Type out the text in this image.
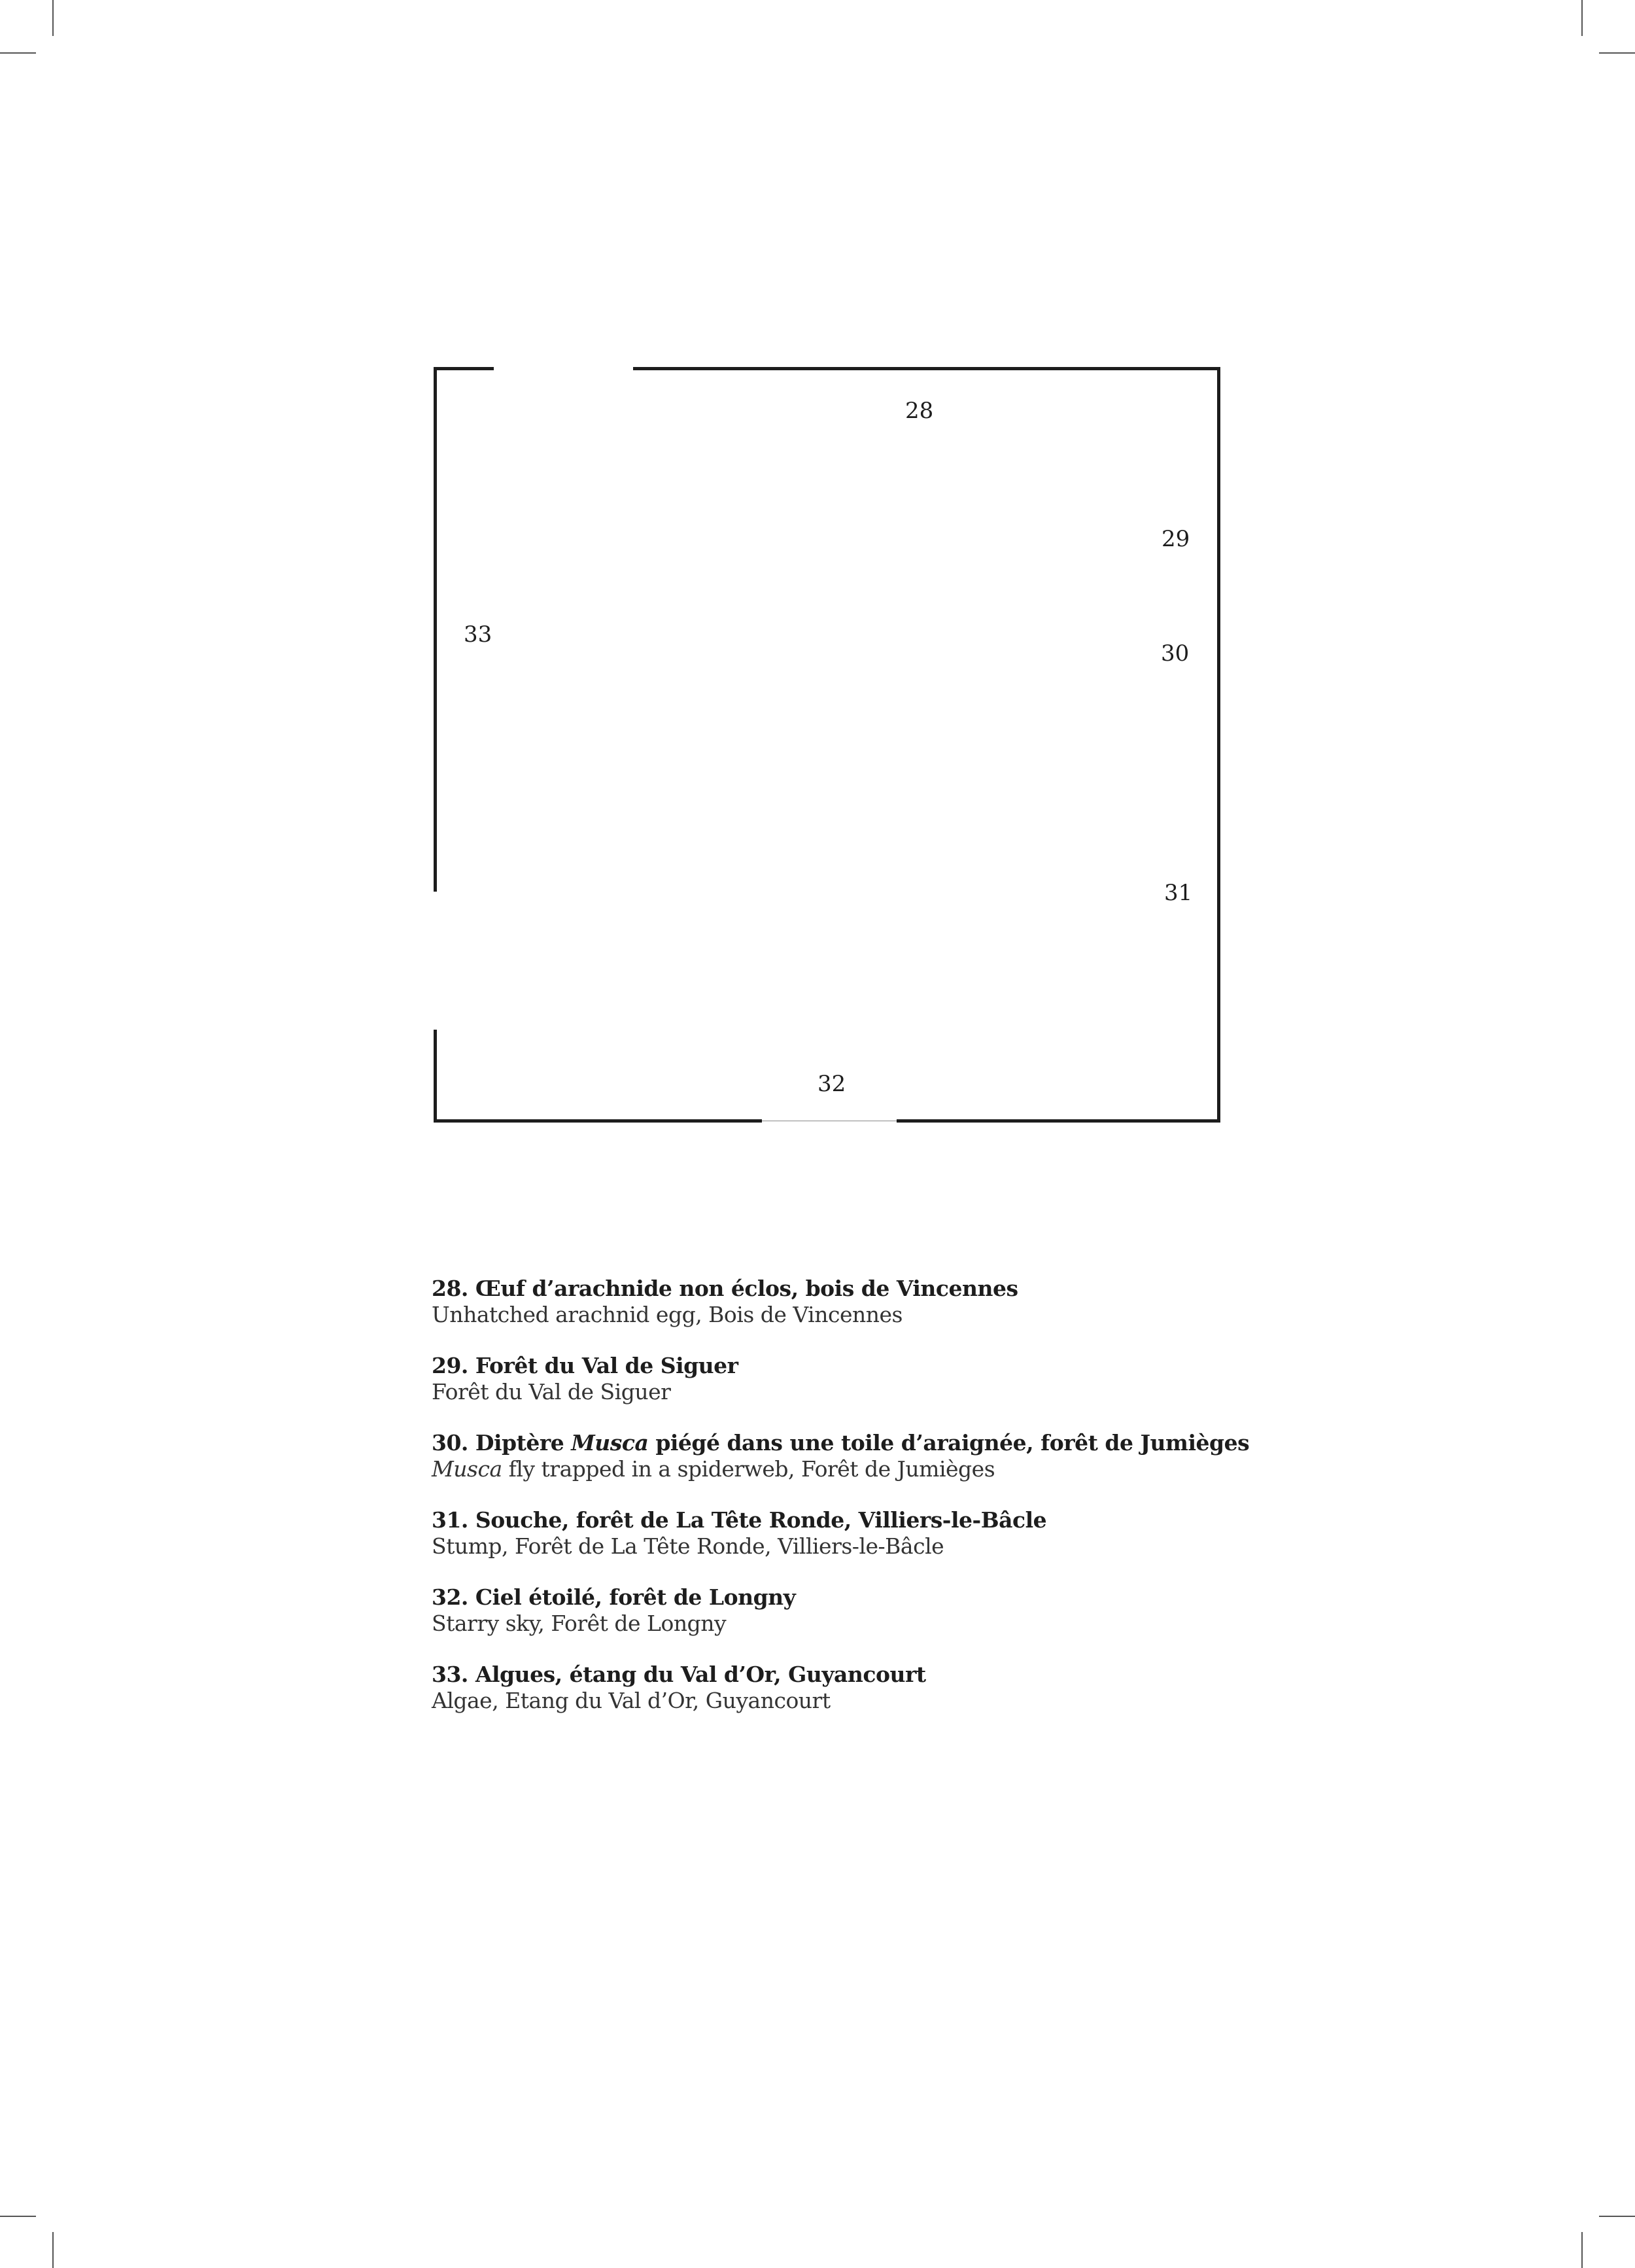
28
29
30
31
32
33
28. Œuf d’arachnide non éclos, bois de Vincennes
Unhatched arachnid egg, Bois de Vincennes
29. Forêt du Val de Siguer
Forêt du Val de Siguer
30. Diptère Musca piégé dans une toile d’araignée, forêt de Jumièges
Musca fly trapped in a spiderweb, Forêt de Jumièges
31. Souche, forêt de La Tête Ronde, Villiers-le-Bâcle
Stump, Forêt de La Tête Ronde, Villiers-le-Bâcle
32. Ciel étoilé, forêt de Longny
Starry sky, Forêt de Longny
33. Algues, étang du Val d’Or, Guyancourt
Algae, Etang du Val d’Or, Guyancourt
